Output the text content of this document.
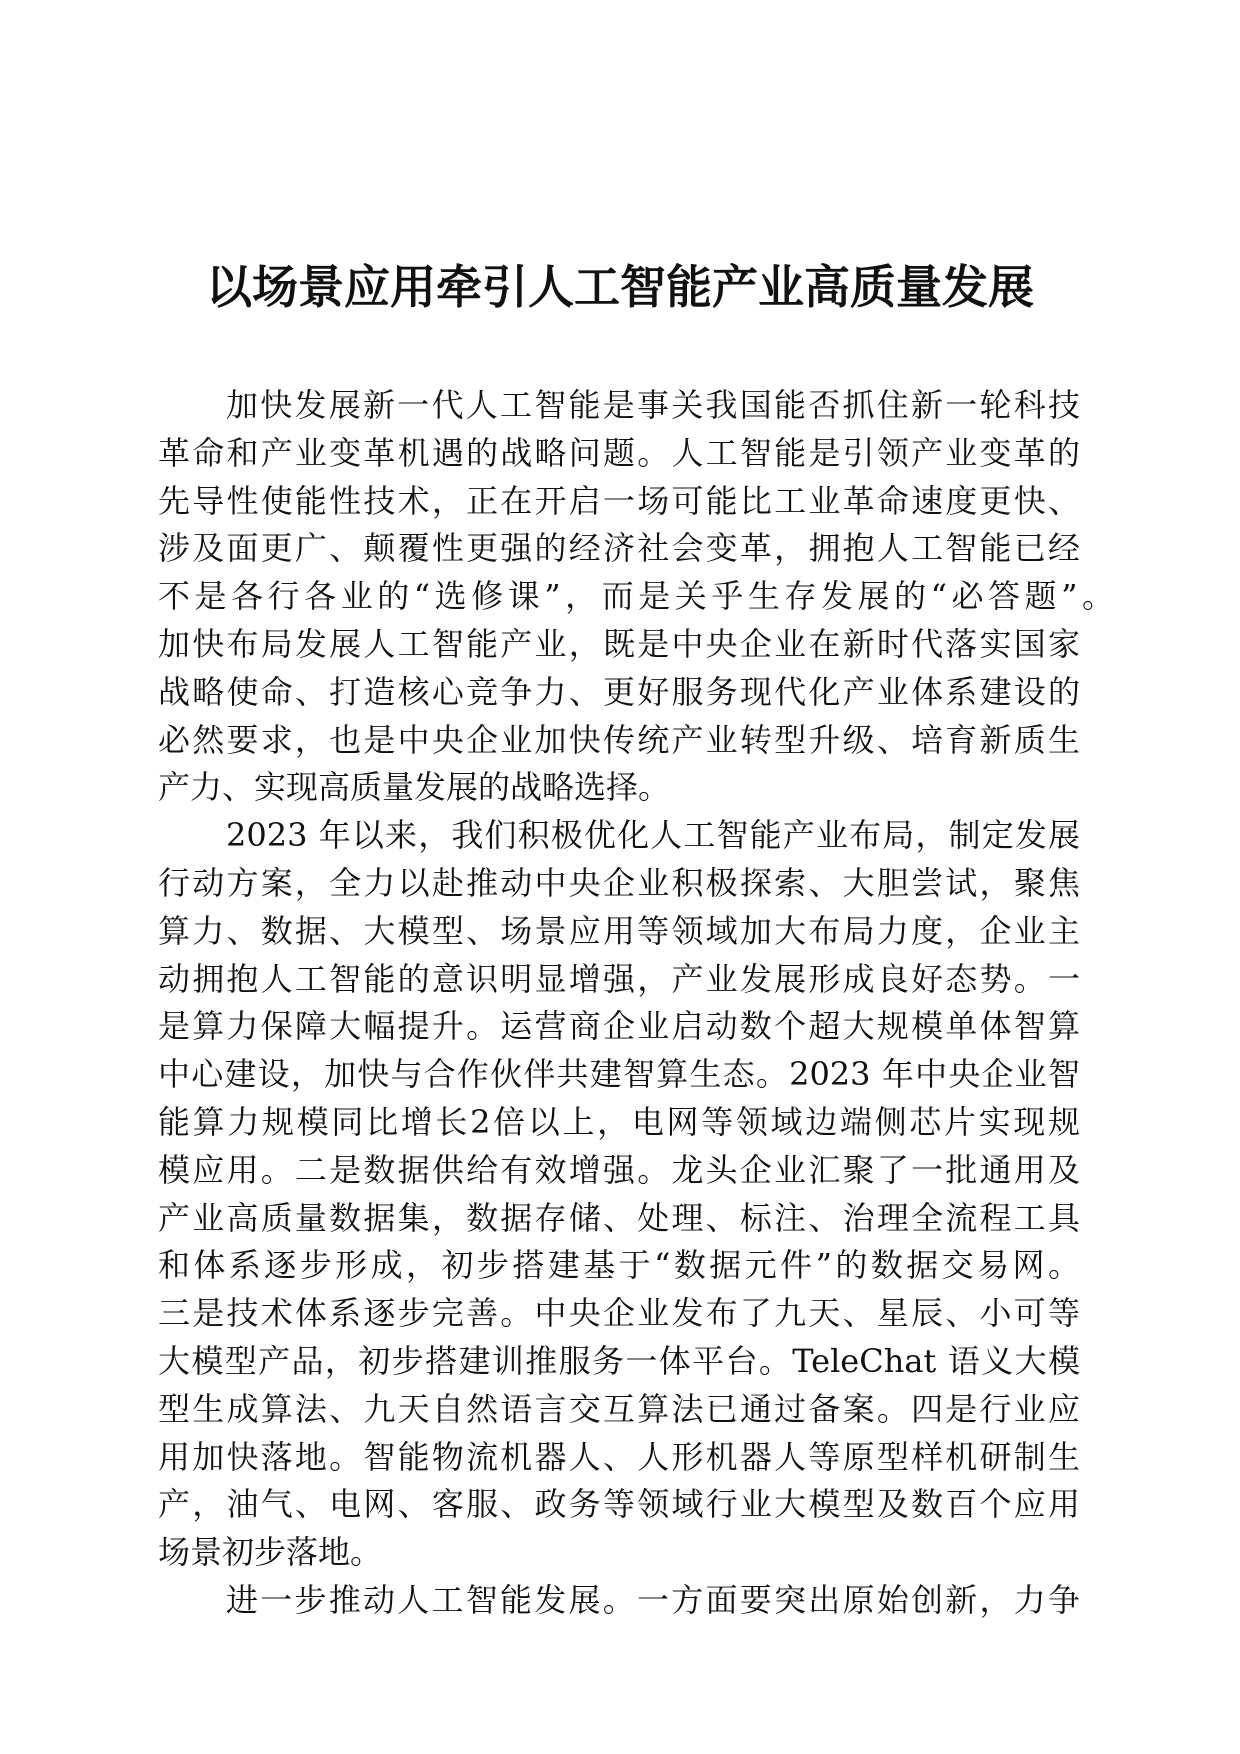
以场景应用牵引人工智能产业高质量发展
加快发展新一代人工智能是事关我国能否抓住新一轮科技
革命和产业变革机遇的战略问题。人工智能是引领产业变革的
先导性使能性技术，正在开启一场可能比工业革命速度更快、
涉及面更广、颠覆性更强的经济社会变革，拥抱人工智能已经
不是各行各业的“选修课”，而是关乎生存发展的“必答题”。
加快布局发展人工智能产业，既是中央企业在新时代落实国家
战略使命、打造核心竞争力、更好服务现代化产业体系建设的
必然要求，也是中央企业加快传统产业转型升级、培育新质生
产力、实现高质量发展的战略选择。
2023 年以来，我们积极优化人工智能产业布局，制定发展
行动方案，全力以赴推动中央企业积极探索、大胆尝试，聚焦
算力、数据、大模型、场景应用等领域加大布局力度，企业主
动拥抱人工智能的意识明显增强，产业发展形成良好态势。一
是算力保障大幅提升。运营商企业启动数个超大规模单体智算
中心建设，加快与合作伙伴共建智算生态。2023 年中央企业智
能算力规模同比增长2倍以上，电网等领域边端侧芯片实现规
模应用。二是数据供给有效增强。龙头企业汇聚了一批通用及
产业高质量数据集，数据存储、处理、标注、治理全流程工具
和体系逐步形成，初步搭建基于“数据元件”的数据交易网。
三是技术体系逐步完善。中央企业发布了九天、星辰、小可等
大模型产品，初步搭建训推服务一体平台。TeleChat 语义大模
型生成算法、九天自然语言交互算法已通过备案。四是行业应
用加快落地。智能物流机器人、人形机器人等原型样机研制生
产，油气、电网、客服、政务等领域行业大模型及数百个应用
场景初步落地。
进一步推动人工智能发展。一方面要突出原始创新，力争
